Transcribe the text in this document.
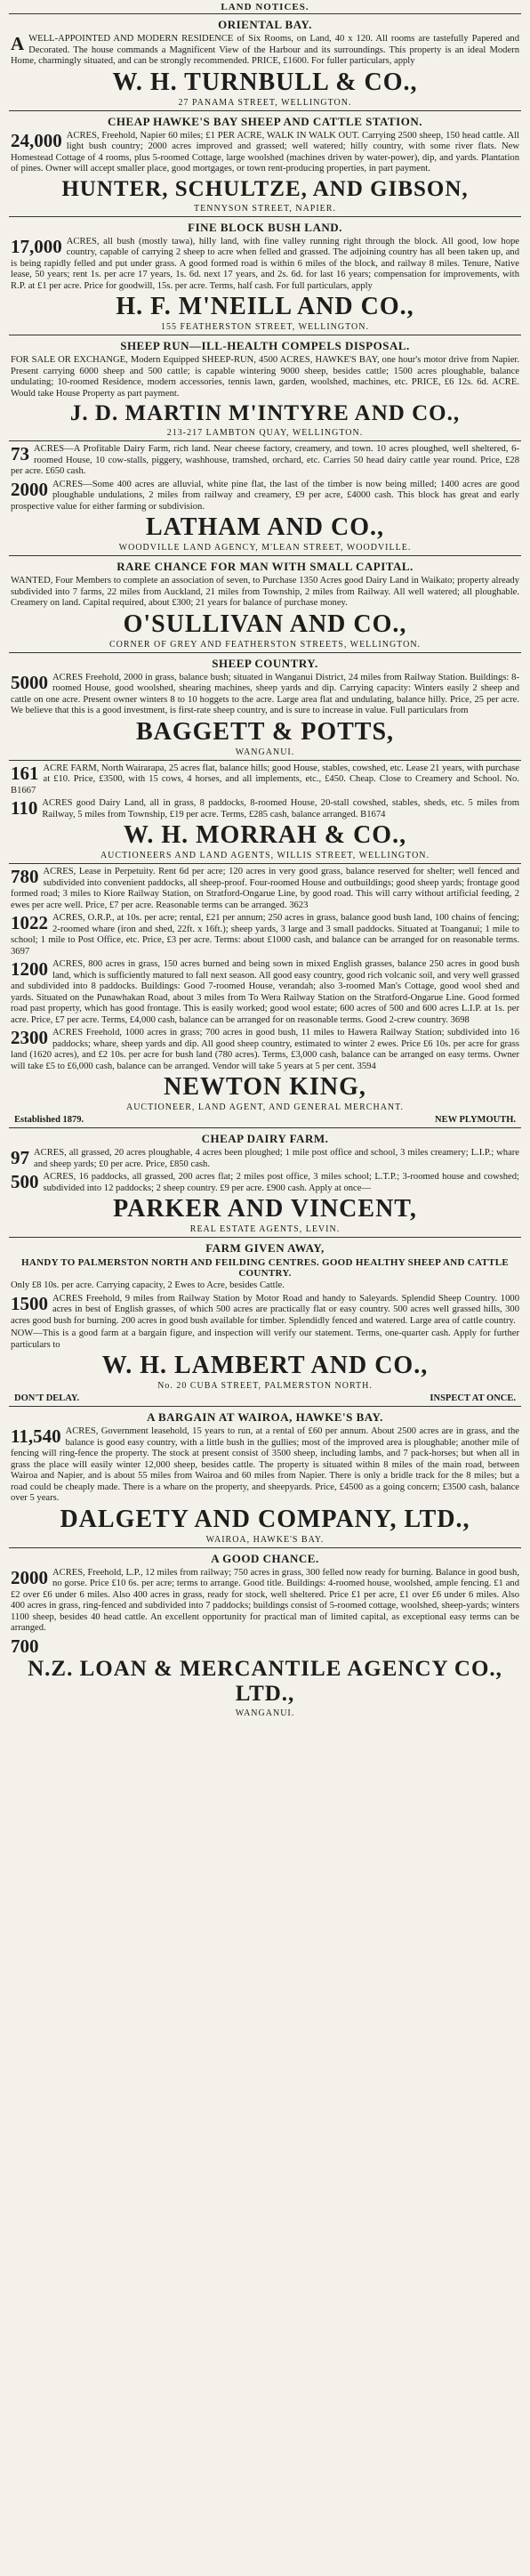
LAND NOTICES.
ORIENTAL BAY.
A WELL-APPOINTED AND MODERN RESIDENCE of Six Rooms, on Land, 40 x 120. All rooms are tastefully Papered and Decorated. The house commands a Magnificent View of the Harbour and its surroundings. This property is an ideal Modern Home, charmingly situated, and can be strongly recommended. PRICE, £1600. For fuller particulars, apply

W. H. TURNBULL & CO.,
27 PANAMA STREET, WELLINGTON.
CHEAP HAWKE'S BAY SHEEP AND CATTLE STATION.
24,000 ACRES, Freehold, Napier 60 miles; £1 PER ACRE, WALK IN WALK OUT. Carrying 2500 sheep, 150 head cattle. All light bush country; 2000 acres improved and grassed; well watered; hilly country, with some river flats. New Homestead Cottage of 4 rooms, plus 5-roomed Cottage, large woolshed (machines driven by water-power), dip, and yards. Plantation of pines. Owner will accept smaller place, good mortgages, or town rent-producing properties, in part payment.

HUNTER, SCHULTZE, AND GIBSON,
TENNYSON STREET, NAPIER.
FINE BLOCK BUSH LAND.
17,000 ACRES, all bush (mostly tawa), hilly land, with fine valley running right through the block. All good, low hope country, capable of carrying 2 sheep to acre when felled and grassed. The adjoining country has all been taken up, and is being rapidly felled and put under grass. A good formed road is within 6 miles of the block, and railway 8 miles. Tenure, Native lease, 50 years; rent 1s. per acre 17 years, 1s. 6d. next 17 years, and 2s. 6d. for last 16 years; compensation for improvements, with R.P. at £1 per acre. Price for goodwill, 15s. per acre. Terms, half cash. For full particulars, apply

H. F. M'NEILL AND CO.,
155 FEATHERSTON STREET, WELLINGTON.
SHEEP RUN—ILL-HEALTH COMPELS DISPOSAL.

FOR SALE OR EXCHANGE, Modern Equipped SHEEP-RUN, 4500 ACRES, HAWKE'S BAY, one hour's motor drive from Napier. Present carrying 6000 sheep and 500 cattle; is capable wintering 9000 sheep, besides cattle; 1500 acres ploughable, balance undulating; 10-roomed Residence, modern accessories, tennis lawn, garden, woolshed, machines, etc. PRICE, £6 12s. 6d. ACRE. Would take House Property as part payment.

J. D. MARTIN M'INTYRE AND CO.,
213-217 LAMBTON QUAY, WELLINGTON.
73 ACRES—A Profitable Dairy Farm, rich land. Near cheese factory, creamery, and town. 10 acres ploughed, well sheltered, 6-roomed House, 10 cow-stalls, piggery, washhouse, tramshed, orchard, etc. Carries 50 head dairy cattle year round. Price, £28 per acre. £650 cash.

2000 ACRES—Some 400 acres are alluvial, white pine flat, the last of the timber is now being milled; 1400 acres are good ploughable undulations, 2 miles from railway and creamery, £9 per acre, £4000 cash. This block has great and early prospective value for either farming or subdivision.

LATHAM AND CO.,
WOODVILLE LAND AGENCY, M'LEAN STREET, WOODVILLE.
RARE CHANCE FOR MAN WITH SMALL CAPITAL.

WANTED, Four Members to complete an association of seven, to Purchase 1350 Acres good Dairy Land in Waikato; property already subdivided into 7 farms, 22 miles from Auckland, 21 miles from Township, 2 miles from Railway. All well watered; all ploughable. Creamery on land. Capital required, about £300; 21 years for balance of purchase money.

O'SULLIVAN AND CO.,
CORNER OF GREY AND FEATHERSTON STREETS, WELLINGTON.
SHEEP COUNTRY.
5000 ACRES Freehold, 2000 in grass, balance bush; situated in Wanganui District, 24 miles from Railway Station. Buildings: 8-roomed House, good woolshed, shearing machines, sheep yards and dip. Carrying capacity: Winters easily 2 sheep and cattle on one acre. Present owner winters 8 to 10 hoggets to the acre. Large area flat and undulating, balance hilly. Price, 25 per acre. We believe that this is a good investment, is first-rate sheep country, and is sure to increase in value. Full particulars from

BAGGETT & POTTS,
WANGANUI.
161 ACRE FARM, North Wairarapa, 25 acres flat, balance hills; good House, stables, cowshed, etc. Lease 21 years, with purchase at £10. Price, £3500, with 15 cows, 4 horses, and all implements, etc., £450. Cheap. Close to Creamery and School. No. B1667

110 ACRES good Dairy Land, all in grass, 8 paddocks, 8-roomed House, 20-stall cowshed, stables, sheds, etc. 5 miles from Railway, 5 miles from Township, £19 per acre. Terms, £285 cash, balance arranged. B1674

W. H. MORRAH & CO.,
AUCTIONEERS AND LAND AGENTS, WILLIS STREET, WELLINGTON.
780 ACRES, Lease in Perpetuity. Rent 6d per acre; 120 acres in very good grass, balance reserved for shelter; well fenced and subdivided into convenient paddocks, all sheep-proof. Four-roomed House and outbuildings; good sheep yards; frontage good formed road; 3 miles to Kiore Railway Station, on Stratford-Ongarue Line, by good road. This will carry without artificial feeding, 2 ewes per acre well. Price, £7 per acre. Reasonable terms can be arranged. 3623

1022 ACRES, O.R.P., at 10s. per acre; rental, £21 per annum; 250 acres in grass, balance good bush land, 100 chains of fencing; 2-roomed whare (iron and shed, 22ft. x 16ft.); sheep yards, 3 large and 3 small paddocks. Situated at Toanganui; 1 mile to school; 1 mile to Post Office, etc. Price, £3 per acre. Terms: about £1000 cash, and balance can be arranged for on reasonable terms. 3697

1200 ACRES, 800 acres in grass, 150 acres burned and being sown in mixed English grasses, balance 250 acres in good bush land, which is sufficiently matured to fall next season. All good easy country, good rich volcanic soil, and very well grassed and subdivided into 8 paddocks. Buildings: Good 7-roomed House, verandah; also 3-roomed Man's Cottage, good wool shed and yards. Situated on the Punawhakan Road, about 3 miles from To Wera Railway Station on the Stratford-Ongarue Line. Good formed road past property, which has good frontage. This is easily worked; good wool estate; 600 acres of 500 and 600 acres L.I.P. at 1s. per acre. Price, £7 per acre. Terms, £4,000 cash, balance can be arranged for on reasonable terms. Good 2-crew country. 3698

2300 ACRES Freehold, 1000 acres in grass; 700 acres in good bush, 11 miles to Hawera Railway Station; subdivided into 16 paddocks; whare, sheep yards and dip. All good sheep country, estimated to winter 2 ewes. Price £6 10s. per acre for grass land (1620 acres), and £2 10s. per acre for bush land (780 acres). Terms, £3,000 cash, balance can be arranged on easy terms. Owner will take £5 to £6,000 cash, balance can be arranged. Vendor will take 5 years at 5 per cent. 3594

NEWTON KING,
AUCTIONEER, LAND AGENT, AND GENERAL MERCHANT.
Established 1879.	NEW PLYMOUTH.
CHEAP DAIRY FARM.
97 ACRES, all grassed, 20 acres ploughable, 4 acres been ploughed; 1 mile post office and school, 3 miles creamery; L.I.P.; whare and sheep yards; £0 per acre. Price, £850 cash.

500 ACRES, 16 paddocks, all grassed, 200 acres flat; 2 miles post office, 3 miles school; L.T.P.; 3-roomed house and cowshed; subdivided into 12 paddocks; 2 sheep country. £9 per acre. £900 cash. Apply at once—

PARKER AND VINCENT,
REAL ESTATE AGENTS, LEVIN.
FARM GIVEN AWAY,
HANDY TO PALMERSTON NORTH AND FEILDING CENTRES. GOOD HEALTHY SHEEP AND CATTLE COUNTRY.

Only £8 10s. per acre. Carrying capacity, 2 Ewes to Acre, besides Cattle.

1500 ACRES Freehold, 9 miles from Railway Station by Motor Road and handy to Saleyards. Splendid Sheep Country. 1000 acres in best of English grasses, of which 500 acres are practically flat or easy country. 500 acres well grassed hills, 300 acres good bush for burning. 200 acres in good bush available for timber. Splendidly fenced and watered. Large area of cattle country.

NOW—This is a good farm at a bargain figure, and inspection will verify our statement. Terms, one-quarter cash. Apply for further particulars to

W. H. LAMBERT AND CO.,
No. 20 CUBA STREET, PALMERSTON NORTH.
DON'T DELAY.	INSPECT AT ONCE.
A BARGAIN AT WAIROA, HAWKE'S BAY.
11,540 ACRES, Government leasehold, 15 years to run, at a rental of £60 per annum. About 2500 acres are in grass, and the balance is good easy country, with a little bush in the gullies; most of the improved area is ploughable; another mile of fencing will ring-fence the property. The stock at present consist of 3500 sheep, including lambs, and 7 pack-horses; but when all in grass the place will easily winter 12,000 sheep, besides cattle. The property is situated within 8 miles of the main road, between Wairoa and Napier, and is about 55 miles from Wairoa and 60 miles from Napier. There is only a bridle track for the 8 miles; but a road could be cheaply made. There is a whare on the property, and sheepyards. Price, £4500 as a going concern; £3500 cash, balance over 5 years.

DALGETY AND COMPANY, LTD.,
WAIROA, HAWKE'S BAY.
A GOOD CHANCE.
2000 ACRES, Freehold, L.P., 12 miles from railway; 750 acres in grass, 300 felled now ready for burning. Balance in good bush, no gorse. Price £10 6s. per acre; terms to arrange. Good title. Buildings: 4-roomed house, woolshed, ample fencing. £1 and £2 over £6 under 6 miles. Also 400 acres in grass, ready for stock, well sheltered. Price £1 per acre, £1 over £6 under 6 miles. Also 400 acres in grass, ring-fenced and subdivided into 7 paddocks; buildings consist of 5-roomed cottage, woolshed, sheep-yards; winters 1100 sheep, besides 40 head cattle. An excellent opportunity for practical man of limited capital, as exceptional easy terms can be arranged.

700

N.Z. LOAN & MERCANTILE AGENCY CO., LTD.,
WANGANUI.
